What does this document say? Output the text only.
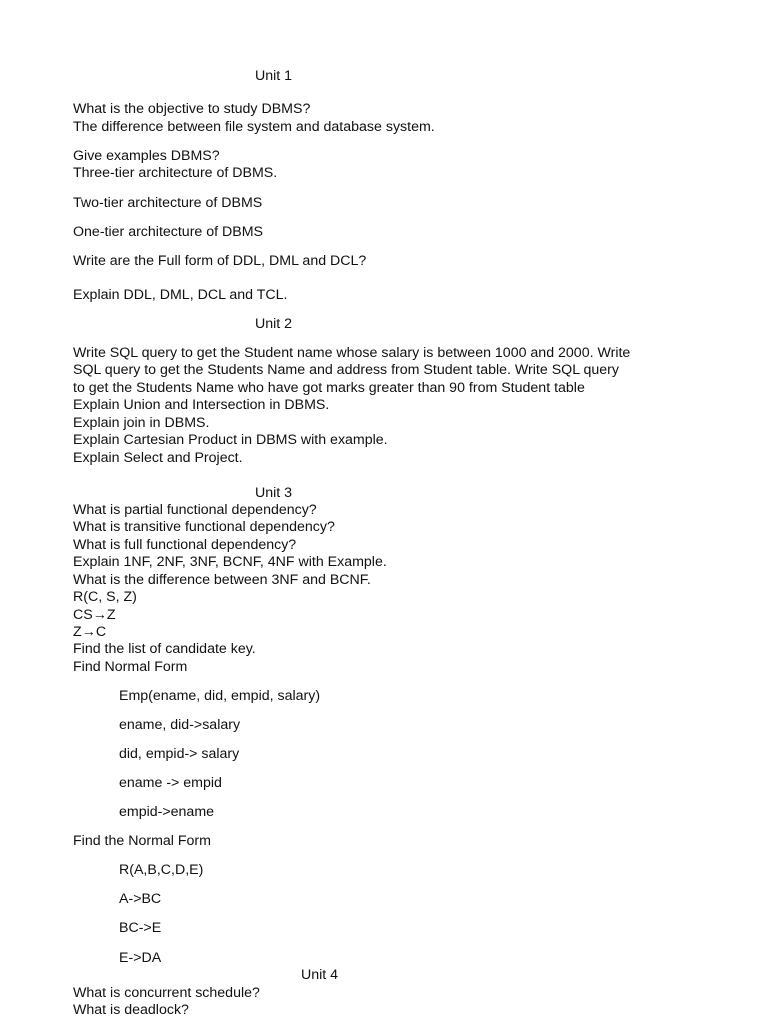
Unit 1
What is the objective to study DBMS?
The difference between file system and database system.
Give examples DBMS?
Three-tier architecture of DBMS.
Two-tier architecture of DBMS
One-tier architecture of DBMS
Write are the Full form of DDL, DML and DCL?
Explain DDL, DML, DCL and TCL.
Unit 2
Write SQL query to get the Student name whose salary is between 1000 and 2000. Write
SQL query to get the Students Name and address from Student table. Write SQL query
to get the Students Name who have got marks greater than 90 from Student table
Explain Union and Intersection in DBMS.
Explain join in DBMS.
Explain Cartesian Product in DBMS with example.
Explain Select and Project.
Unit 3
What is partial functional dependency?
What is transitive functional dependency?
What is full functional dependency?
Explain 1NF, 2NF, 3NF, BCNF, 4NF with Example.
What is the difference between 3NF and BCNF.
R(C, S, Z)
CS→Z
Z→C
Find the list of candidate key.
Find Normal Form
Emp(ename, did, empid, salary)
ename, did->salary
did, empid-> salary
ename -> empid
empid->ename
Find the Normal Form
R(A,B,C,D,E)
A->BC
BC->E
E->DA
Unit 4
What is concurrent schedule?
What is deadlock?
